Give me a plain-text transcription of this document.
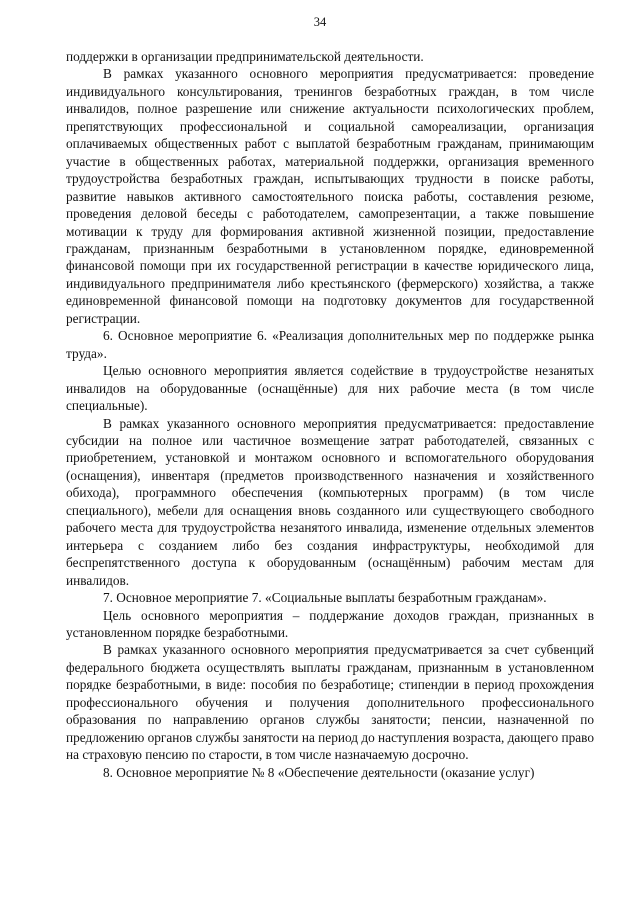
34

поддержки в организации предпринимательской деятельности.

В рамках указанного основного мероприятия предусматривается: проведение индивидуального консультирования, тренингов безработных граждан, в том числе инвалидов, полное разрешение или снижение актуальности психологических проблем, препятствующих профессиональной и социальной самореализации, организация оплачиваемых общественных работ с выплатой безработным гражданам, принимающим участие в общественных работах, материальной поддержки, организация временного трудоустройства безработных граждан, испытывающих трудности в поиске работы, развитие навыков активного самостоятельного поиска работы, составления резюме, проведения деловой беседы с работодателем, самопрезентации, а также повышение мотивации к труду для формирования активной жизненной позиции, предоставление гражданам, признанным безработными в установленном порядке, единовременной финансовой помощи при их государственной регистрации в качестве юридического лица, индивидуального предпринимателя либо крестьянского (фермерского) хозяйства, а также единовременной финансовой помощи на подготовку документов для государственной регистрации.

6. Основное мероприятие 6. «Реализация дополнительных мер по поддержке рынка труда».

Целью основного мероприятия является содействие в трудоустройстве незанятых инвалидов на оборудованные (оснащённые) для них рабочие места (в том числе специальные).

В рамках указанного основного мероприятия предусматривается: предоставление субсидии на полное или частичное возмещение затрат работодателей, связанных с приобретением, установкой и монтажом основного и вспомогательного оборудования (оснащения), инвентаря (предметов производственного назначения и хозяйственного обихода), программного обеспечения (компьютерных программ) (в том числе специального), мебели для оснащения вновь созданного или существующего свободного рабочего места для трудоустройства незанятого инвалида, изменение отдельных элементов интерьера с созданием либо без создания инфраструктуры, необходимой для беспрепятственного доступа к оборудованным (оснащённым) рабочим местам для инвалидов.

7. Основное мероприятие 7. «Социальные выплаты безработным гражданам».

Цель основного мероприятия – поддержание доходов граждан, признанных в установленном порядке безработными.

В рамках указанного основного мероприятия предусматривается за счет субвенций федерального бюджета осуществлять выплаты гражданам, признанным в установленном порядке безработными, в виде: пособия по безработице; стипендии в период прохождения профессионального обучения и получения дополнительного профессионального образования по направлению органов службы занятости; пенсии, назначенной по предложению органов службы занятости на период до наступления возраста, дающего право на страховую пенсию по старости, в том числе назначаемую досрочно.

8. Основное мероприятие № 8 «Обеспечение деятельности (оказание услуг)
